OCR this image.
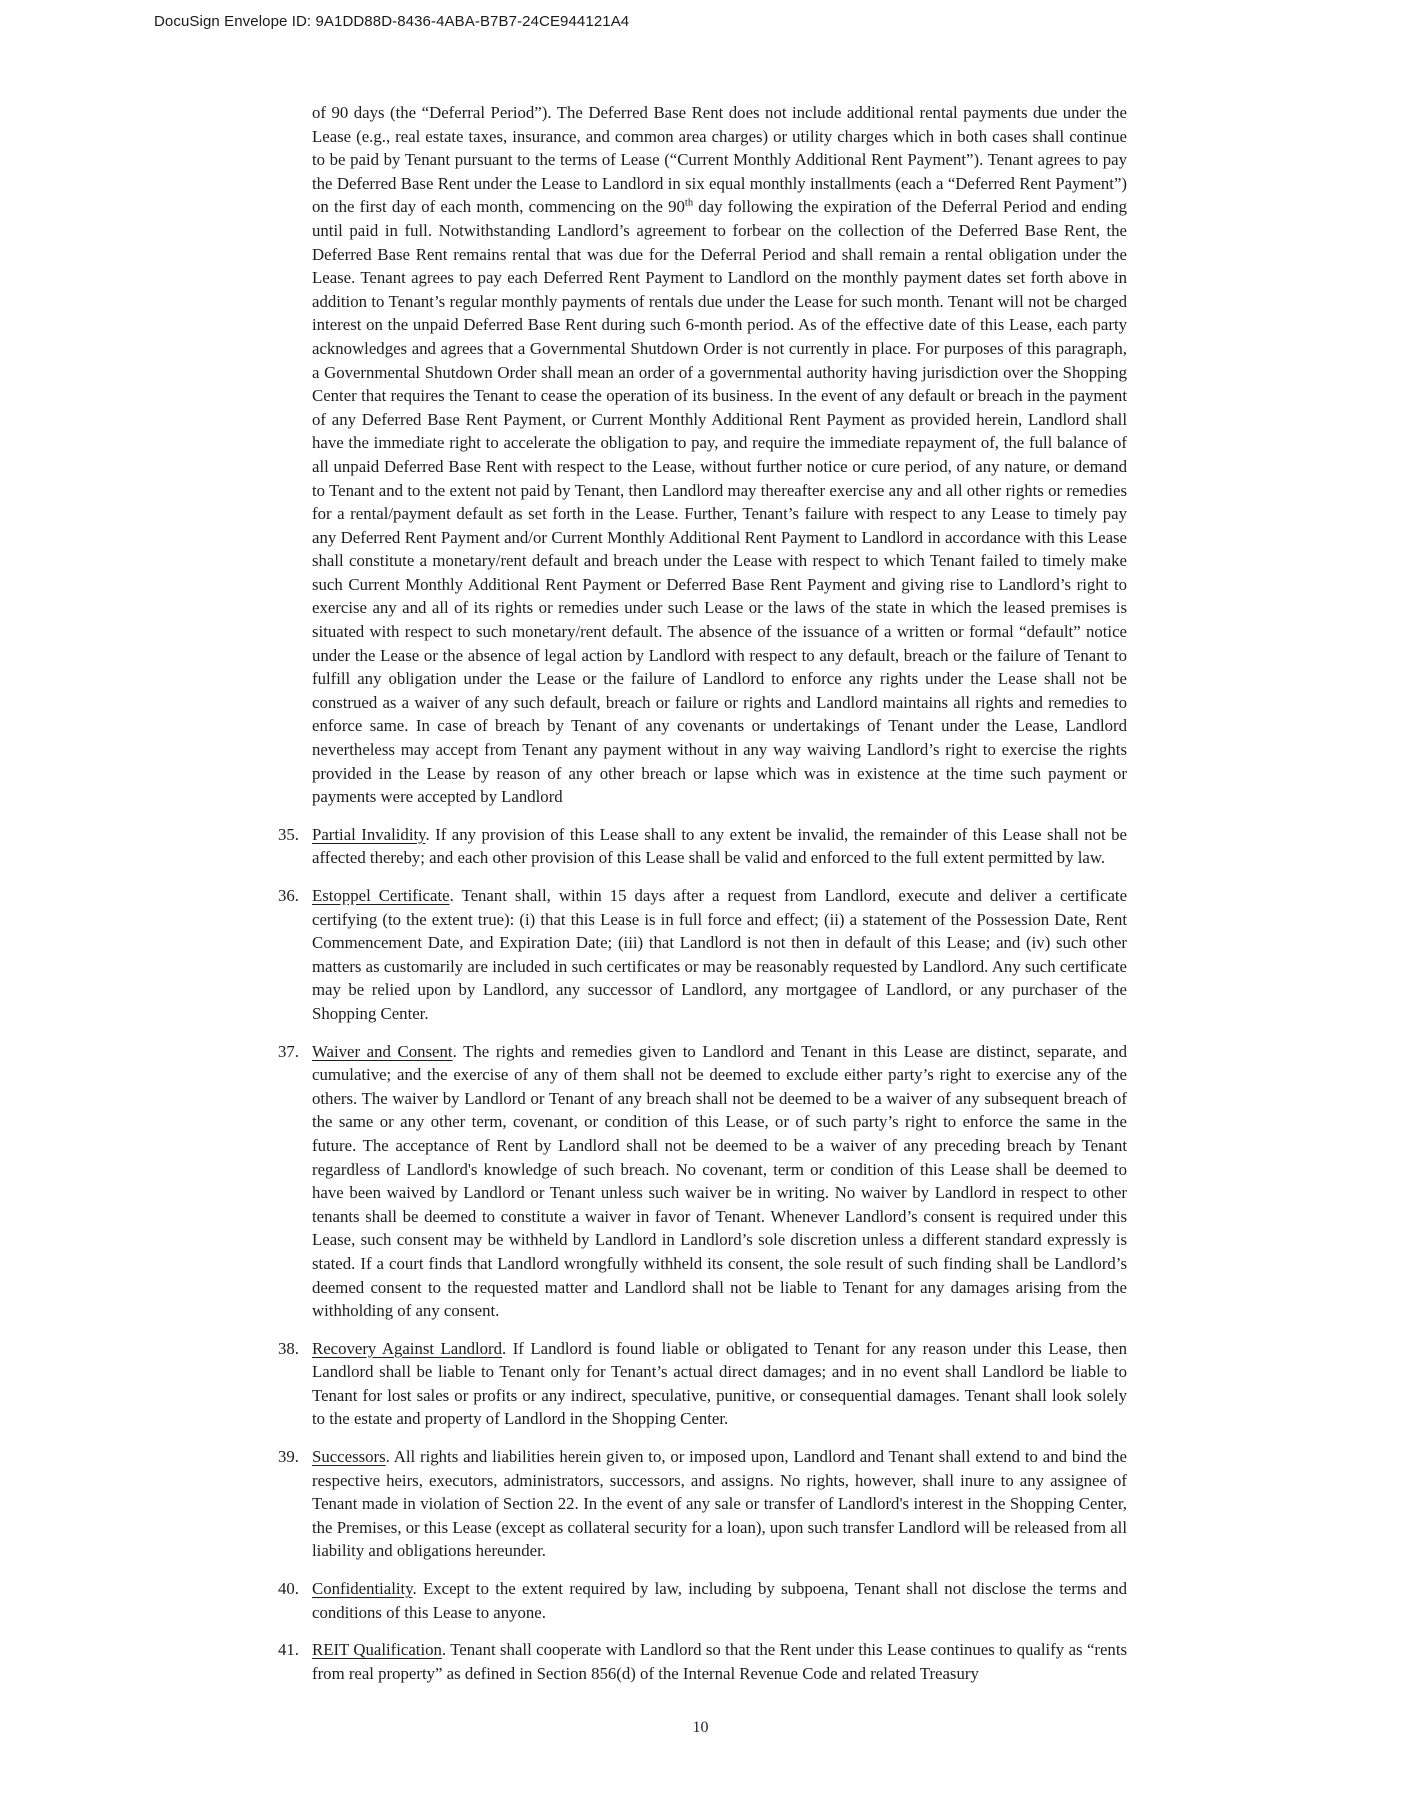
DocuSign Envelope ID: 9A1DD88D-8436-4ABA-B7B7-24CE944121A4

of 90 days (the “Deferral Period”). The Deferred Base Rent does not include additional rental payments due under the Lease (e.g., real estate taxes, insurance, and common area charges) or utility charges which in both cases shall continue to be paid by Tenant pursuant to the terms of Lease (“Current Monthly Additional Rent Payment”). Tenant agrees to pay the Deferred Base Rent under the Lease to Landlord in six equal monthly installments (each a “Deferred Rent Payment”) on the first day of each month, commencing on the 90th day following the expiration of the Deferral Period and ending until paid in full. Notwithstanding Landlord’s agreement to forbear on the collection of the Deferred Base Rent, the Deferred Base Rent remains rental that was due for the Deferral Period and shall remain a rental obligation under the Lease. Tenant agrees to pay each Deferred Rent Payment to Landlord on the monthly payment dates set forth above in addition to Tenant’s regular monthly payments of rentals due under the Lease for such month. Tenant will not be charged interest on the unpaid Deferred Base Rent during such 6-month period. As of the effective date of this Lease, each party acknowledges and agrees that a Governmental Shutdown Order is not currently in place. For purposes of this paragraph, a Governmental Shutdown Order shall mean an order of a governmental authority having jurisdiction over the Shopping Center that requires the Tenant to cease the operation of its business. In the event of any default or breach in the payment of any Deferred Base Rent Payment, or Current Monthly Additional Rent Payment as provided herein, Landlord shall have the immediate right to accelerate the obligation to pay, and require the immediate repayment of, the full balance of all unpaid Deferred Base Rent with respect to the Lease, without further notice or cure period, of any nature, or demand to Tenant and to the extent not paid by Tenant, then Landlord may thereafter exercise any and all other rights or remedies for a rental/payment default as set forth in the Lease. Further, Tenant’s failure with respect to any Lease to timely pay any Deferred Rent Payment and/or Current Monthly Additional Rent Payment to Landlord in accordance with this Lease shall constitute a monetary/rent default and breach under the Lease with respect to which Tenant failed to timely make such Current Monthly Additional Rent Payment or Deferred Base Rent Payment and giving rise to Landlord’s right to exercise any and all of its rights or remedies under such Lease or the laws of the state in which the leased premises is situated with respect to such monetary/rent default. The absence of the issuance of a written or formal “default” notice under the Lease or the absence of legal action by Landlord with respect to any default, breach or the failure of Tenant to fulfill any obligation under the Lease or the failure of Landlord to enforce any rights under the Lease shall not be construed as a waiver of any such default, breach or failure or rights and Landlord maintains all rights and remedies to enforce same. In case of breach by Tenant of any covenants or undertakings of Tenant under the Lease, Landlord nevertheless may accept from Tenant any payment without in any way waiving Landlord’s right to exercise the rights provided in the Lease by reason of any other breach or lapse which was in existence at the time such payment or payments were accepted by Landlord

35. Partial Invalidity. If any provision of this Lease shall to any extent be invalid, the remainder of this Lease shall not be affected thereby; and each other provision of this Lease shall be valid and enforced to the full extent permitted by law.
36. Estoppel Certificate. Tenant shall, within 15 days after a request from Landlord, execute and deliver a certificate certifying (to the extent true): (i) that this Lease is in full force and effect; (ii) a statement of the Possession Date, Rent Commencement Date, and Expiration Date; (iii) that Landlord is not then in default of this Lease; and (iv) such other matters as customarily are included in such certificates or may be reasonably requested by Landlord. Any such certificate may be relied upon by Landlord, any successor of Landlord, any mortgagee of Landlord, or any purchaser of the Shopping Center.
37. Waiver and Consent. The rights and remedies given to Landlord and Tenant in this Lease are distinct, separate, and cumulative; and the exercise of any of them shall not be deemed to exclude either party’s right to exercise any of the others. The waiver by Landlord or Tenant of any breach shall not be deemed to be a waiver of any subsequent breach of the same or any other term, covenant, or condition of this Lease, or of such party’s right to enforce the same in the future. The acceptance of Rent by Landlord shall not be deemed to be a waiver of any preceding breach by Tenant regardless of Landlord's knowledge of such breach. No covenant, term or condition of this Lease shall be deemed to have been waived by Landlord or Tenant unless such waiver be in writing. No waiver by Landlord in respect to other tenants shall be deemed to constitute a waiver in favor of Tenant. Whenever Landlord’s consent is required under this Lease, such consent may be withheld by Landlord in Landlord’s sole discretion unless a different standard expressly is stated. If a court finds that Landlord wrongfully withheld its consent, the sole result of such finding shall be Landlord’s deemed consent to the requested matter and Landlord shall not be liable to Tenant for any damages arising from the withholding of any consent.
38. Recovery Against Landlord. If Landlord is found liable or obligated to Tenant for any reason under this Lease, then Landlord shall be liable to Tenant only for Tenant’s actual direct damages; and in no event shall Landlord be liable to Tenant for lost sales or profits or any indirect, speculative, punitive, or consequential damages. Tenant shall look solely to the estate and property of Landlord in the Shopping Center.
39. Successors. All rights and liabilities herein given to, or imposed upon, Landlord and Tenant shall extend to and bind the respective heirs, executors, administrators, successors, and assigns. No rights, however, shall inure to any assignee of Tenant made in violation of Section 22. In the event of any sale or transfer of Landlord's interest in the Shopping Center, the Premises, or this Lease (except as collateral security for a loan), upon such transfer Landlord will be released from all liability and obligations hereunder.
40. Confidentiality. Except to the extent required by law, including by subpoena, Tenant shall not disclose the terms and conditions of this Lease to anyone.
41. REIT Qualification. Tenant shall cooperate with Landlord so that the Rent under this Lease continues to qualify as “rents from real property” as defined in Section 856(d) of the Internal Revenue Code and related Treasury
10
